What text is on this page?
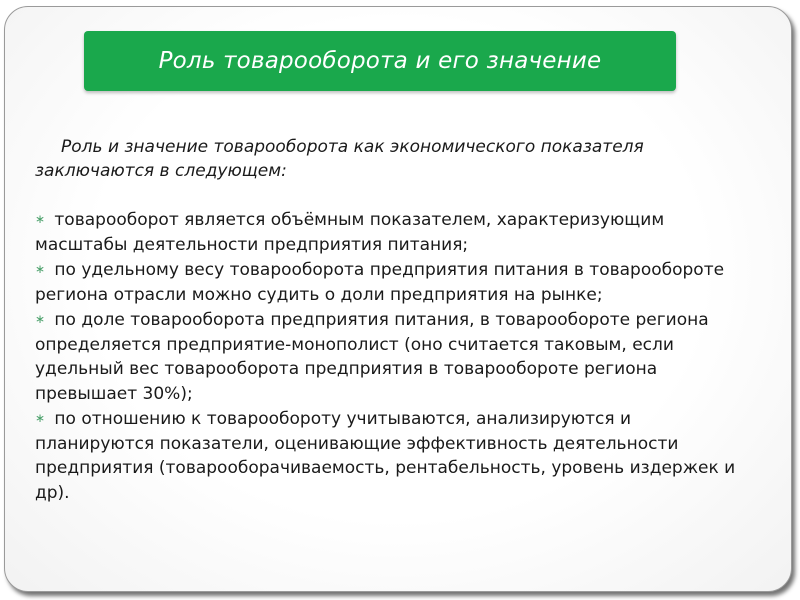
Роль товарооборота и его значение

Роль и значение товарооборота как экономического показателя заключаются в следующем:

∗ товарооборот является объёмным показателем, характеризующим масштабы деятельности предприятия питания;
∗ по удельному весу товарооборота предприятия питания в товарообороте региона отрасли можно судить о доли предприятия на рынке;
∗ по доле товарооборота предприятия питания, в товарообороте региона определяется предприятие-монополист (оно считается таковым, если удельный вес товарооборота предприятия в товарообороте региона превышает 30%);
∗ по отношению к товарообороту учитываются, анализируются и планируются показатели, оценивающие эффективность деятельности предприятия (товарооборачиваемость, рентабельность, уровень издержек и др).
